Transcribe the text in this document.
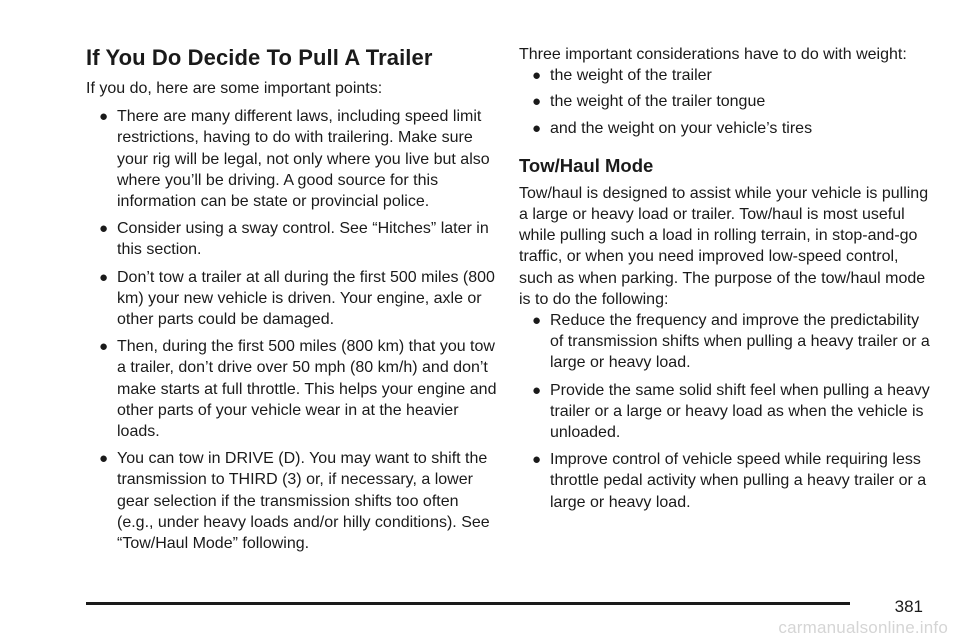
If You Do Decide To Pull A Trailer

If you do, here are some important points:

● There are many different laws, including speed limit restrictions, having to do with trailering. Make sure your rig will be legal, not only where you live but also where you’ll be driving. A good source for this information can be state or provincial police.
● Consider using a sway control. See “Hitches” later in this section.
● Don’t tow a trailer at all during the first 500 miles (800 km) your new vehicle is driven. Your engine, axle or other parts could be damaged.
● Then, during the first 500 miles (800 km) that you tow a trailer, don’t drive over 50 mph (80 km/h) and don’t make starts at full throttle. This helps your engine and other parts of your vehicle wear in at the heavier loads.
● You can tow in DRIVE (D). You may want to shift the transmission to THIRD (3) or, if necessary, a lower gear selection if the transmission shifts too often (e.g., under heavy loads and/or hilly conditions). See “Tow/Haul Mode” following.

Three important considerations have to do with weight:

● the weight of the trailer
● the weight of the trailer tongue
● and the weight on your vehicle’s tires
Tow/Haul Mode

Tow/haul is designed to assist while your vehicle is pulling a large or heavy load or trailer. Tow/haul is most useful while pulling such a load in rolling terrain, in stop-and-go traffic, or when you need improved low-speed control, such as when parking. The purpose of the tow/haul mode is to do the following:

● Reduce the frequency and improve the predictability of transmission shifts when pulling a heavy trailer or a large or heavy load.
● Provide the same solid shift feel when pulling a heavy trailer or a large or heavy load as when the vehicle is unloaded.
● Improve control of vehicle speed while requiring less throttle pedal activity when pulling a heavy trailer or a large or heavy load.
381
carmanualsonline.info
